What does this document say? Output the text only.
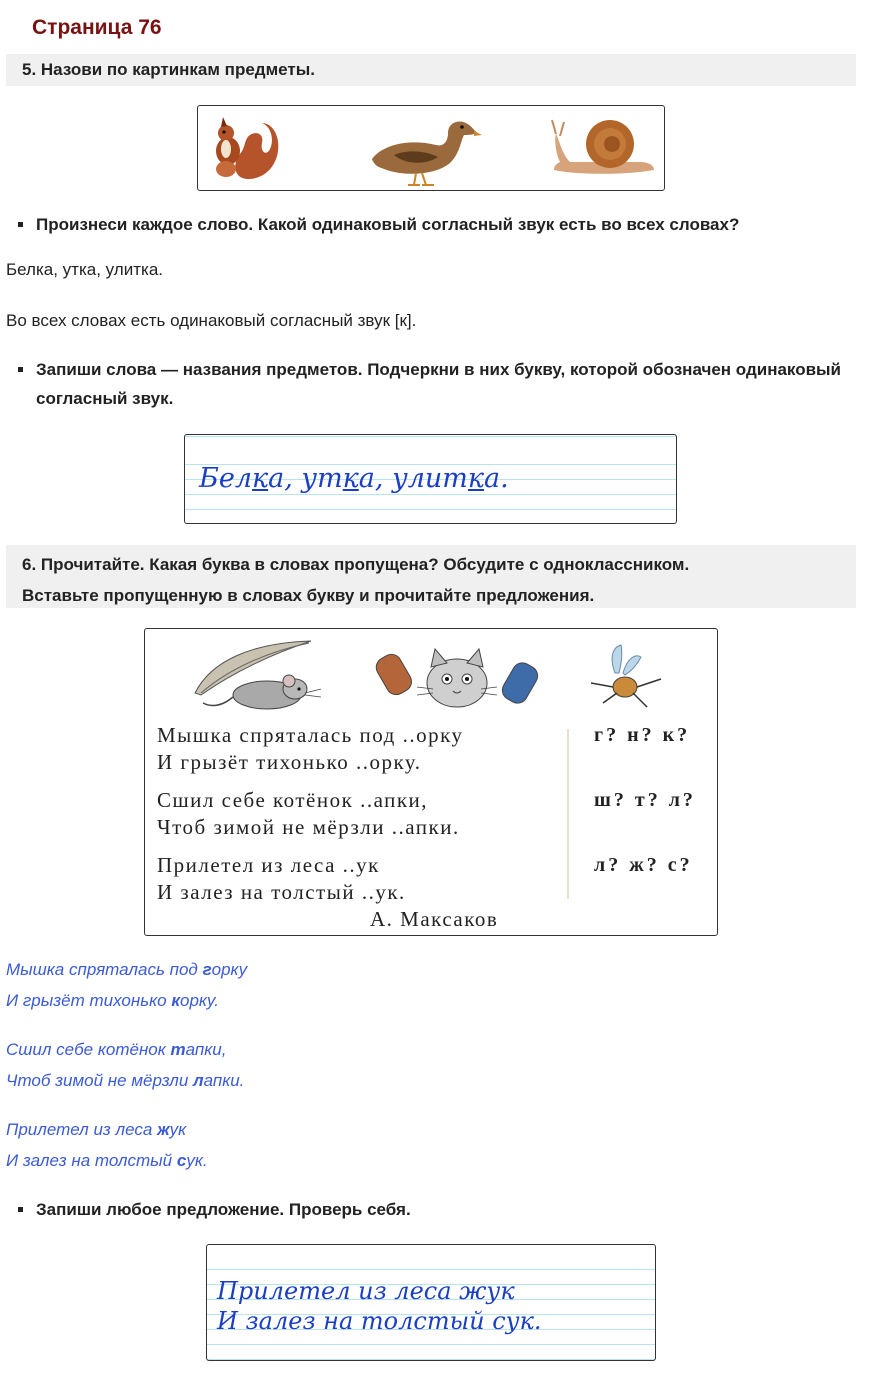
Страница 76
5. Назови по картинкам предметы.
Произнеси каждое слово. Какой одинаковый согласный звук есть во всех словах?
Белка, утка, улитка.
Во всех словах есть одинаковый согласный звук [к].
Запиши слова — названия предметов. Подчеркни в них букву, которой обозначен одинаковый согласный звук.
Белка, утка, улитка.
6. Прочитайте. Какая буква в словах пропущена? Обсудите с одноклассником.
Вставьте пропущенную в словах букву и прочитайте предложения.
Мышка спряталась под ..орку
И грызёт тихонько ..орку.
Сшил себе котёнок ..апки,
Чтоб зимой не мёрзли ..апки.
Прилетел из леса ..ук
И залез на толстый ..ук.
А. Максаков
г? н? к?
ш? т? л?
л? ж? с?
Мышка спряталась под горку
И грызёт тихонько корку.
Сшил себе котёнок тапки,
Чтоб зимой не мёрзли лапки.
Прилетел из леса жук
И залез на толстый сук.
Запиши любое предложение. Проверь себя.
Прилетел из леса жук
И залез на толстый сук.
